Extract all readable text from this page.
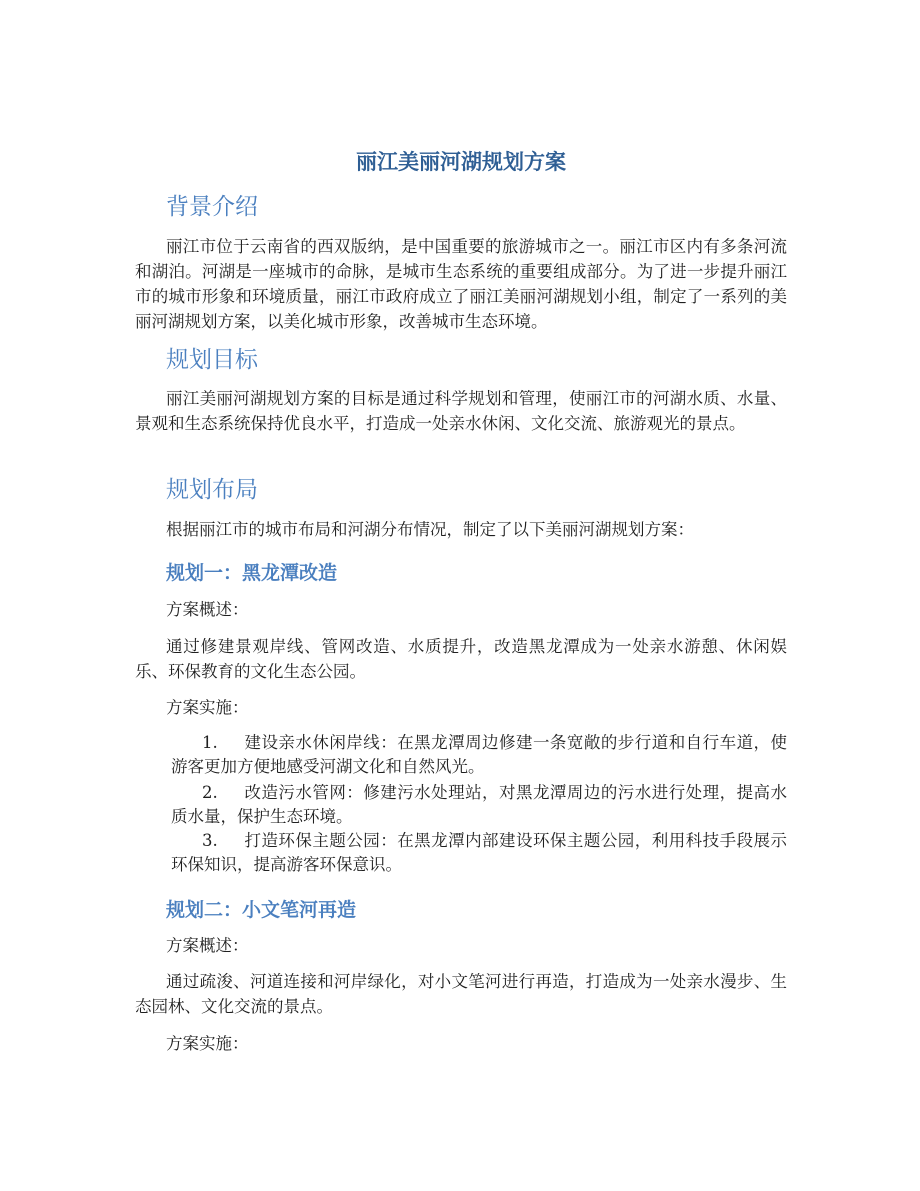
丽江美丽河湖规划方案
背景介绍

丽江市位于云南省的西双版纳，是中国重要的旅游城市之一。丽江市区内有多条河流和湖泊。河湖是一座城市的命脉，是城市生态系统的重要组成部分。为了进一步提升丽江市的城市形象和环境质量，丽江市政府成立了丽江美丽河湖规划小组，制定了一系列的美丽河湖规划方案，以美化城市形象，改善城市生态环境。

规划目标

丽江美丽河湖规划方案的目标是通过科学规划和管理，使丽江市的河湖水质、水量、景观和生态系统保持优良水平，打造成一处亲水休闲、文化交流、旅游观光的景点。

规划布局

根据丽江市的城市布局和河湖分布情况，制定了以下美丽河湖规划方案：

规划一：黑龙潭改造

方案概述：

通过修建景观岸线、管网改造、水质提升，改造黑龙潭成为一处亲水游憩、休闲娱乐、环保教育的文化生态公园。

方案实施：

1. 建设亲水休闲岸线：在黑龙潭周边修建一条宽敞的步行道和自行车道，使游客更加方便地感受河湖文化和自然风光。
2. 改造污水管网：修建污水处理站，对黑龙潭周边的污水进行处理，提高水质水量，保护生态环境。
3. 打造环保主题公园：在黑龙潭内部建设环保主题公园，利用科技手段展示环保知识，提高游客环保意识。
规划二：小文笔河再造

方案概述：

通过疏浚、河道连接和河岸绿化，对小文笔河进行再造，打造成为一处亲水漫步、生态园林、文化交流的景点。

方案实施：
